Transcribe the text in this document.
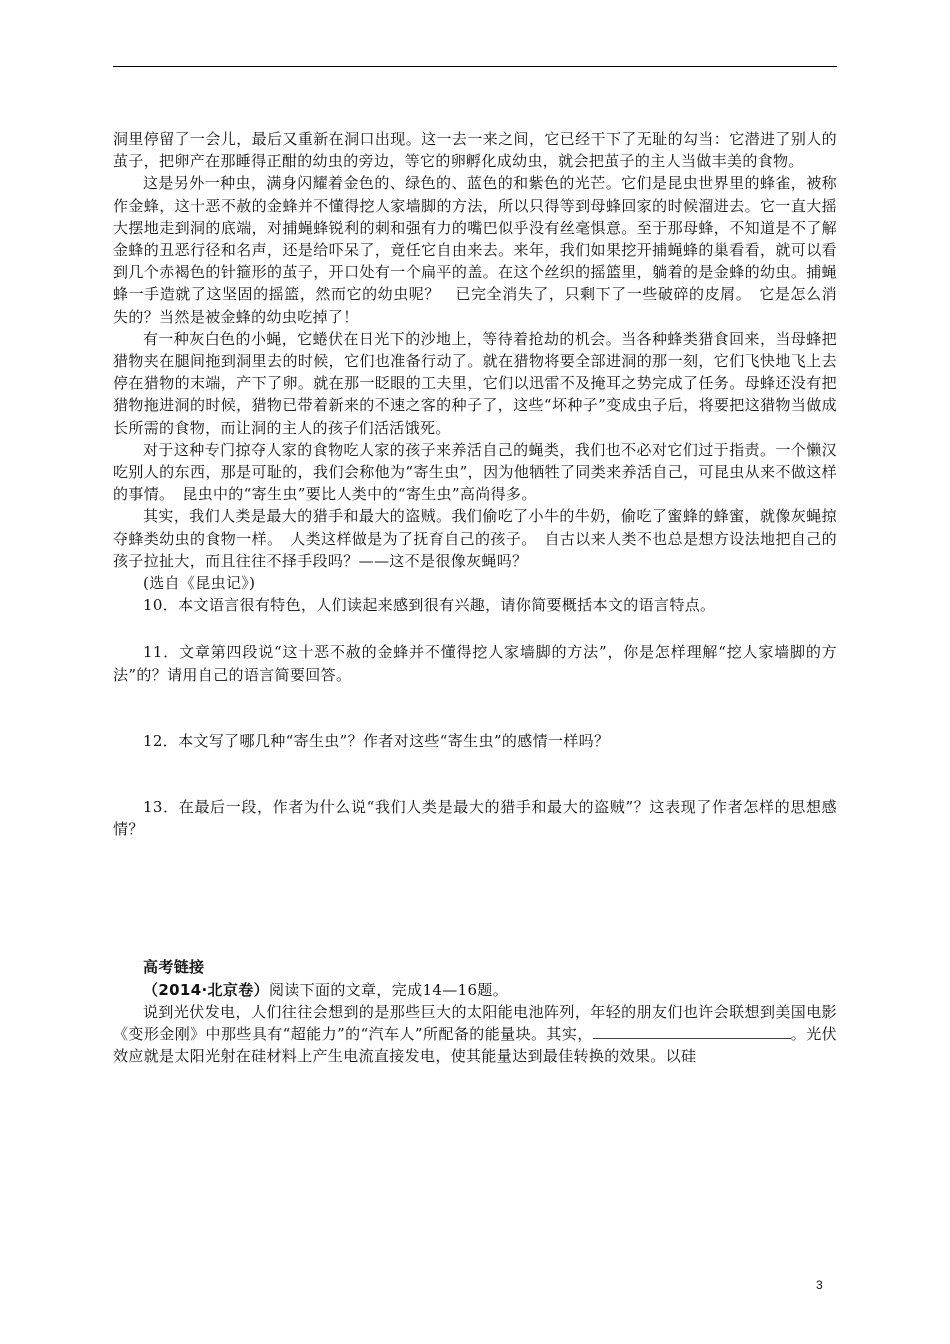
洞里停留了一会儿，最后又重新在洞口出现。这一去一来之间，它已经干下了无耻的勾当：它潜进了别人的茧子，把卵产在那睡得正酣的幼虫的旁边，等它的卵孵化成幼虫，就会把茧子的主人当做丰美的食物。

这是另外一种虫，满身闪耀着金色的、绿色的、蓝色的和紫色的光芒。它们是昆虫世界里的蜂雀，被称作金蜂，这十恶不赦的金蜂并不懂得挖人家墙脚的方法，所以只得等到母蜂回家的时候溜进去。它一直大摇大摆地走到洞的底端，对捕蝇蜂锐利的刺和强有力的嘴巴似乎没有丝毫惧意。至于那母蜂，不知道是不了解金蜂的丑恶行径和名声，还是给吓呆了，竟任它自由来去。来年，我们如果挖开捕蝇蜂的巢看看，就可以看到几个赤褐色的针箍形的茧子，开口处有一个扁平的盖。在这个丝织的摇篮里，躺着的是金蜂的幼虫。捕蝇蜂一手造就了这坚固的摇篮，然而它的幼虫呢？　已完全消失了，只剩下了一些破碎的皮屑。　它是怎么消失的？当然是被金蜂的幼虫吃掉了！

有一种灰白色的小蝇，它蜷伏在日光下的沙地上，等待着抢劫的机会。当各种蜂类猎食回来，当母蜂把猎物夹在腿间拖到洞里去的时候，它们也准备行动了。就在猎物将要全部进洞的那一刻，它们飞快地飞上去停在猎物的末端，产下了卵。就在那一眨眼的工夫里，它们以迅雷不及掩耳之势完成了任务。母蜂还没有把猎物拖进洞的时候，猎物已带着新来的不速之客的种子了，这些“坏种子”变成虫子后，将要把这猎物当做成长所需的食物，而让洞的主人的孩子们活活饿死。

对于这种专门掠夺人家的食物吃人家的孩子来养活自己的蝇类，我们也不必对它们过于指责。一个懒汉吃别人的东西，那是可耻的，我们会称他为“寄生虫”，因为他牺牲了同类来养活自己，可昆虫从来不做这样的事情。　昆虫中的“寄生虫”要比人类中的“寄生虫”高尚得多。

其实，我们人类是最大的猎手和最大的盗贼。我们偷吃了小牛的牛奶，偷吃了蜜蜂的蜂蜜，就像灰蝇掠夺蜂类幼虫的食物一样。　人类这样做是为了抚育自己的孩子。　自古以来人类不也总是想方设法地把自己的孩子拉扯大，而且往往不择手段吗？——这不是很像灰蝇吗？

(选自《昆虫记》)

10．本文语言很有特色，人们读起来感到很有兴趣，请你简要概括本文的语言特点。

11．文章第四段说“这十恶不赦的金蜂并不懂得挖人家墙脚的方法”，你是怎样理解“挖人家墙脚的方法”的？请用自己的语言简要回答。

12．本文写了哪几种“寄生虫”？作者对这些“寄生虫”的感情一样吗？

13．在最后一段，作者为什么说“我们人类是最大的猎手和最大的盗贼”？这表现了作者怎样的思想感情？

高考链接

（2014·北京卷）阅读下面的文章，完成14—16题。

说到光伏发电，人们往往会想到的是那些巨大的太阳能电池阵列，年轻的朋友们也许会联想到美国电影《变形金刚》中那些具有“超能力”的“汽车人”所配备的能量块。其实，	。光伏效应就是太阳光射在硅材料上产生电流直接发电，使其能量达到最佳转换的效果。以硅

3
